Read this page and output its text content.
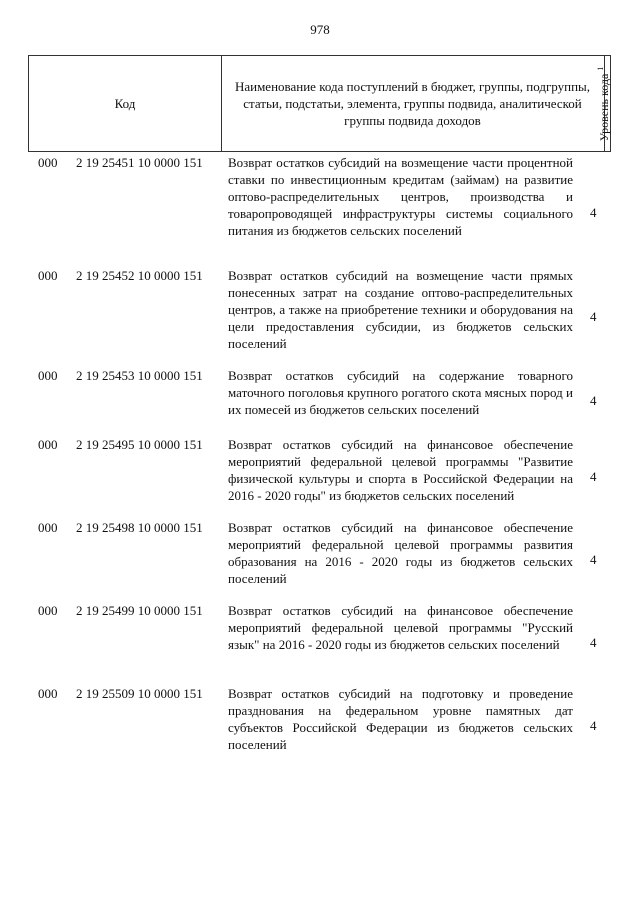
978
Код
Наименование кода поступлений в бюджет, группы, подгруппы, статьи, подстатьи, элемента, группы подвида, аналитической группы подвида доходов	Уровень кода $^1$
000 2 19 25451 10 0000 151 Возврат остатков субсидий на возмещение части процентной ставки по инвестиционным кредитам (займам) на развитие оптово-распределительных центров, производства и товаропроводящей инфраструктуры системы социального питания из бюджетов сельских поселений
4
000 2 19 25452 10 0000 151 Возврат остатков субсидий на возмещение части прямых понесенных затрат на создание оптово-распределительных центров, а также на приобретение техники и оборудования на цели предоставления субсидии, из бюджетов сельских поселений
4
000 2 19 25453 10 0000 151 Возврат остатков субсидий на содержание товарного маточного поголовья крупного рогатого скота мясных пород и их помесей из бюджетов сельских поселений
4
000 2 19 25495 10 0000 151 Возврат остатков субсидий на финансовое обеспечение мероприятий федеральной целевой программы "Развитие физической культуры и спорта в Российской Федерации на 2016 - 2020 годы" из бюджетов сельских поселений
4
000 2 19 25498 10 0000 151 Возврат остатков субсидий на финансовое обеспечение мероприятий федеральной целевой программы развития образования на 2016 - 2020 годы из бюджетов сельских поселений
4
000 2 19 25499 10 0000 151 Возврат остатков субсидий на финансовое обеспечение мероприятий федеральной целевой программы "Русский язык" на 2016 - 2020 годы из бюджетов сельских поселений	4
000 2 19 25509 10 0000 151 Возврат остатков субсидий на подготовку и проведение празднования на федеральном уровне памятных дат субъектов Российской Федерации из бюджетов сельских поселений
4
